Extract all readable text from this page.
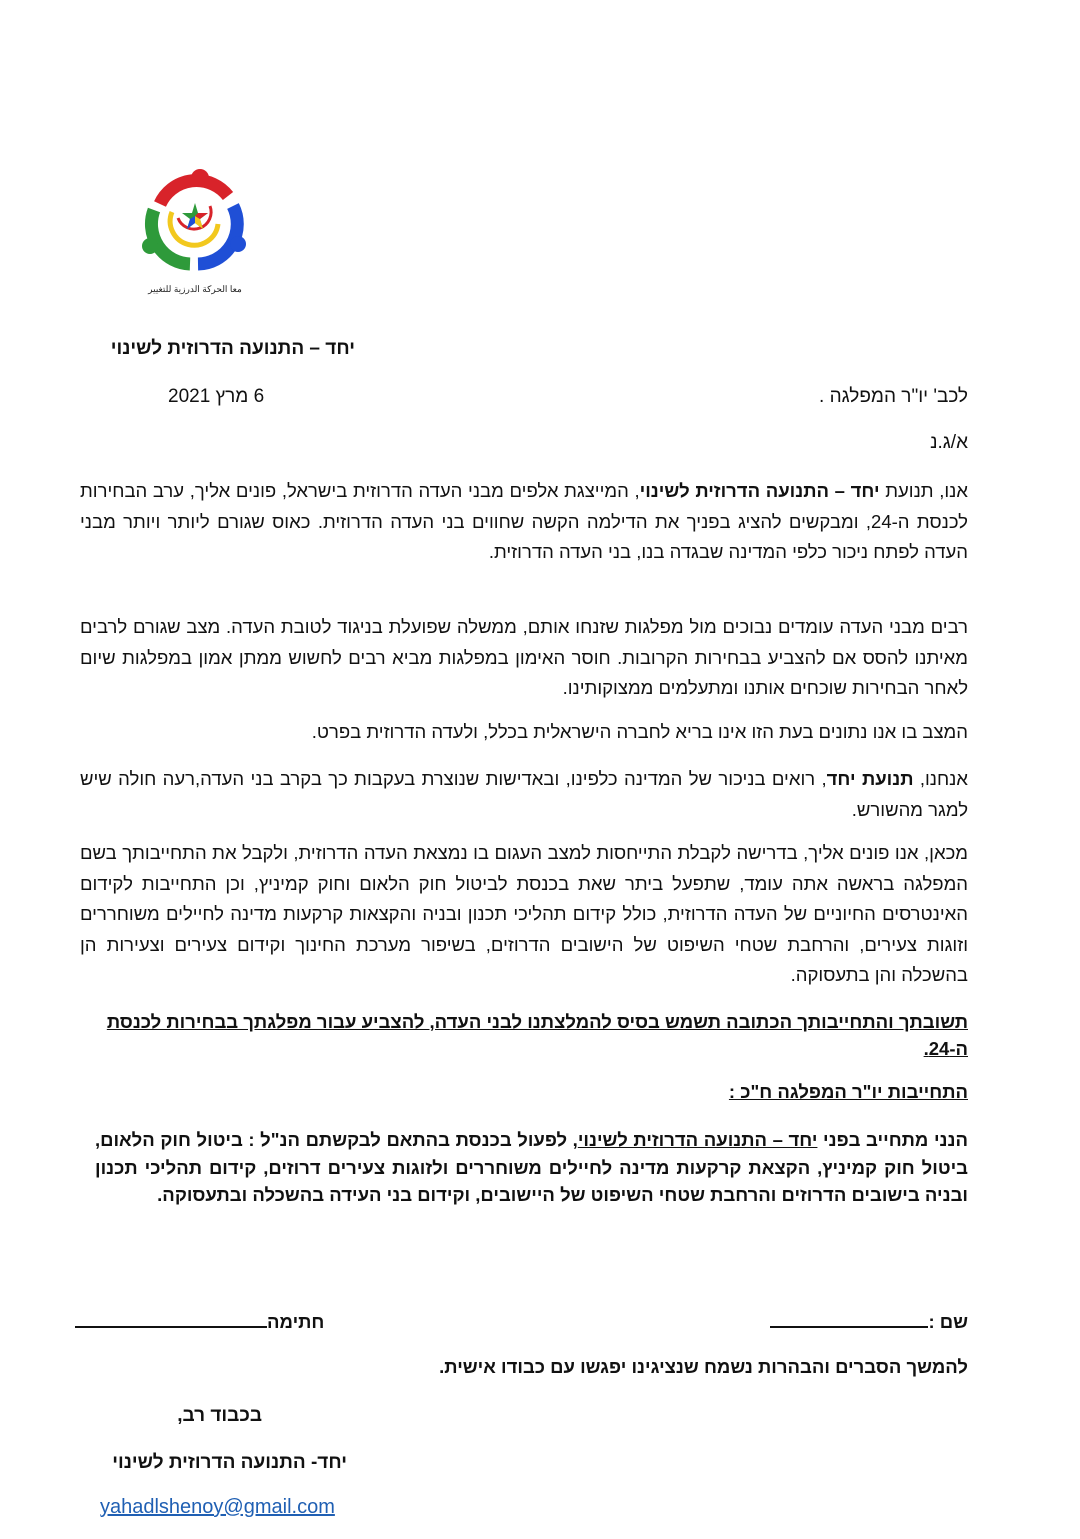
معا الحركة الدرزية للتغيير
יחד – התנועה הדרוזית לשינוי
לכב' יו"ר המפלגה .
6 מרץ 2021
א/ג.נ
אנו, תנועת יחד – התנועה הדרוזית לשינוי, המייצגת אלפים מבני העדה הדרוזית בישראל, פונים אליך, ערב הבחירות לכנסת ה-24, ומבקשים להציג בפניך את הדילמה הקשה שחווים בני העדה הדרוזית. כאוס שגורם ליותר ויותר מבני העדה לפתח ניכור כלפי המדינה שבגדה בנו, בני העדה הדרוזית.
רבים מבני העדה עומדים נבוכים מול מפלגות שזנחו אותם, ממשלה שפועלת בניגוד לטובת העדה. מצב שגורם לרבים מאיתנו להסס אם להצביע בבחירות הקרובות. חוסר האימון במפלגות מביא רבים לחשוש ממתן אמון במפלגות שיום לאחר הבחירות שוכחים אותנו ומתעלמים ממצוקותינו.
המצב בו אנו נתונים בעת הזו אינו בריא לחברה הישראלית בכלל, ולעדה הדרוזית בפרט.
אנחנו, תנועת יחד, רואים בניכור של המדינה כלפינו, ובאדישות שנוצרת בעקבות כך בקרב בני העדה,רעה חולה שיש למגר מהשורש.
מכאן, אנו פונים אליך, בדרישה לקבלת התייחסות למצב העגום בו נמצאת העדה הדרוזית, ולקבל את התחייבותך בשם המפלגה בראשה אתה עומד, שתפעל ביתר שאת בכנסת לביטול חוק הלאום וחוק קמיניץ, וכן התחייבות לקידום האינטרסים החיוניים של העדה הדרוזית, כולל קידום תהליכי תכנון ובניה והקצאות קרקעות מדינה לחיילים משוחררים וזוגות צעירים, והרחבת שטחי השיפוט של הישובים הדרוזים, בשיפור מערכת החינוך וקידום צעירים וצעירות הן בהשכלה והן בתעסוקה.
תשובתך והתחייבותך הכתובה תשמש בסיס להמלצתנו לבני העדה, להצביע עבור מפלגתך בבחירות לכנסת ה-24.
התחייבות יו"ר המפלגה ח"כ :
הנני מתחייב בפני יחד – התנועה הדרוזית לשינוי, לפעול בכנסת בהתאם לבקשתם הנ"ל : ביטול חוק הלאום, ביטול חוק קמיניץ, הקצאת קרקעות מדינה לחיילים משוחררים ולזוגות צעירים דרוזים, קידום תהליכי תכנון ובניה בישובים הדרוזים והרחבת שטחי השיפוט של היישובים, וקידום בני העידה בהשכלה ובתעסוקה.
שם :
חתימה
להמשך הסברים והבהרות נשמח שנציגינו יפגשו עם כבודו אישית.
בכבוד רב,
יחד- התנועה הדרוזית לשינוי
yahadlshenoy@gmail.com
